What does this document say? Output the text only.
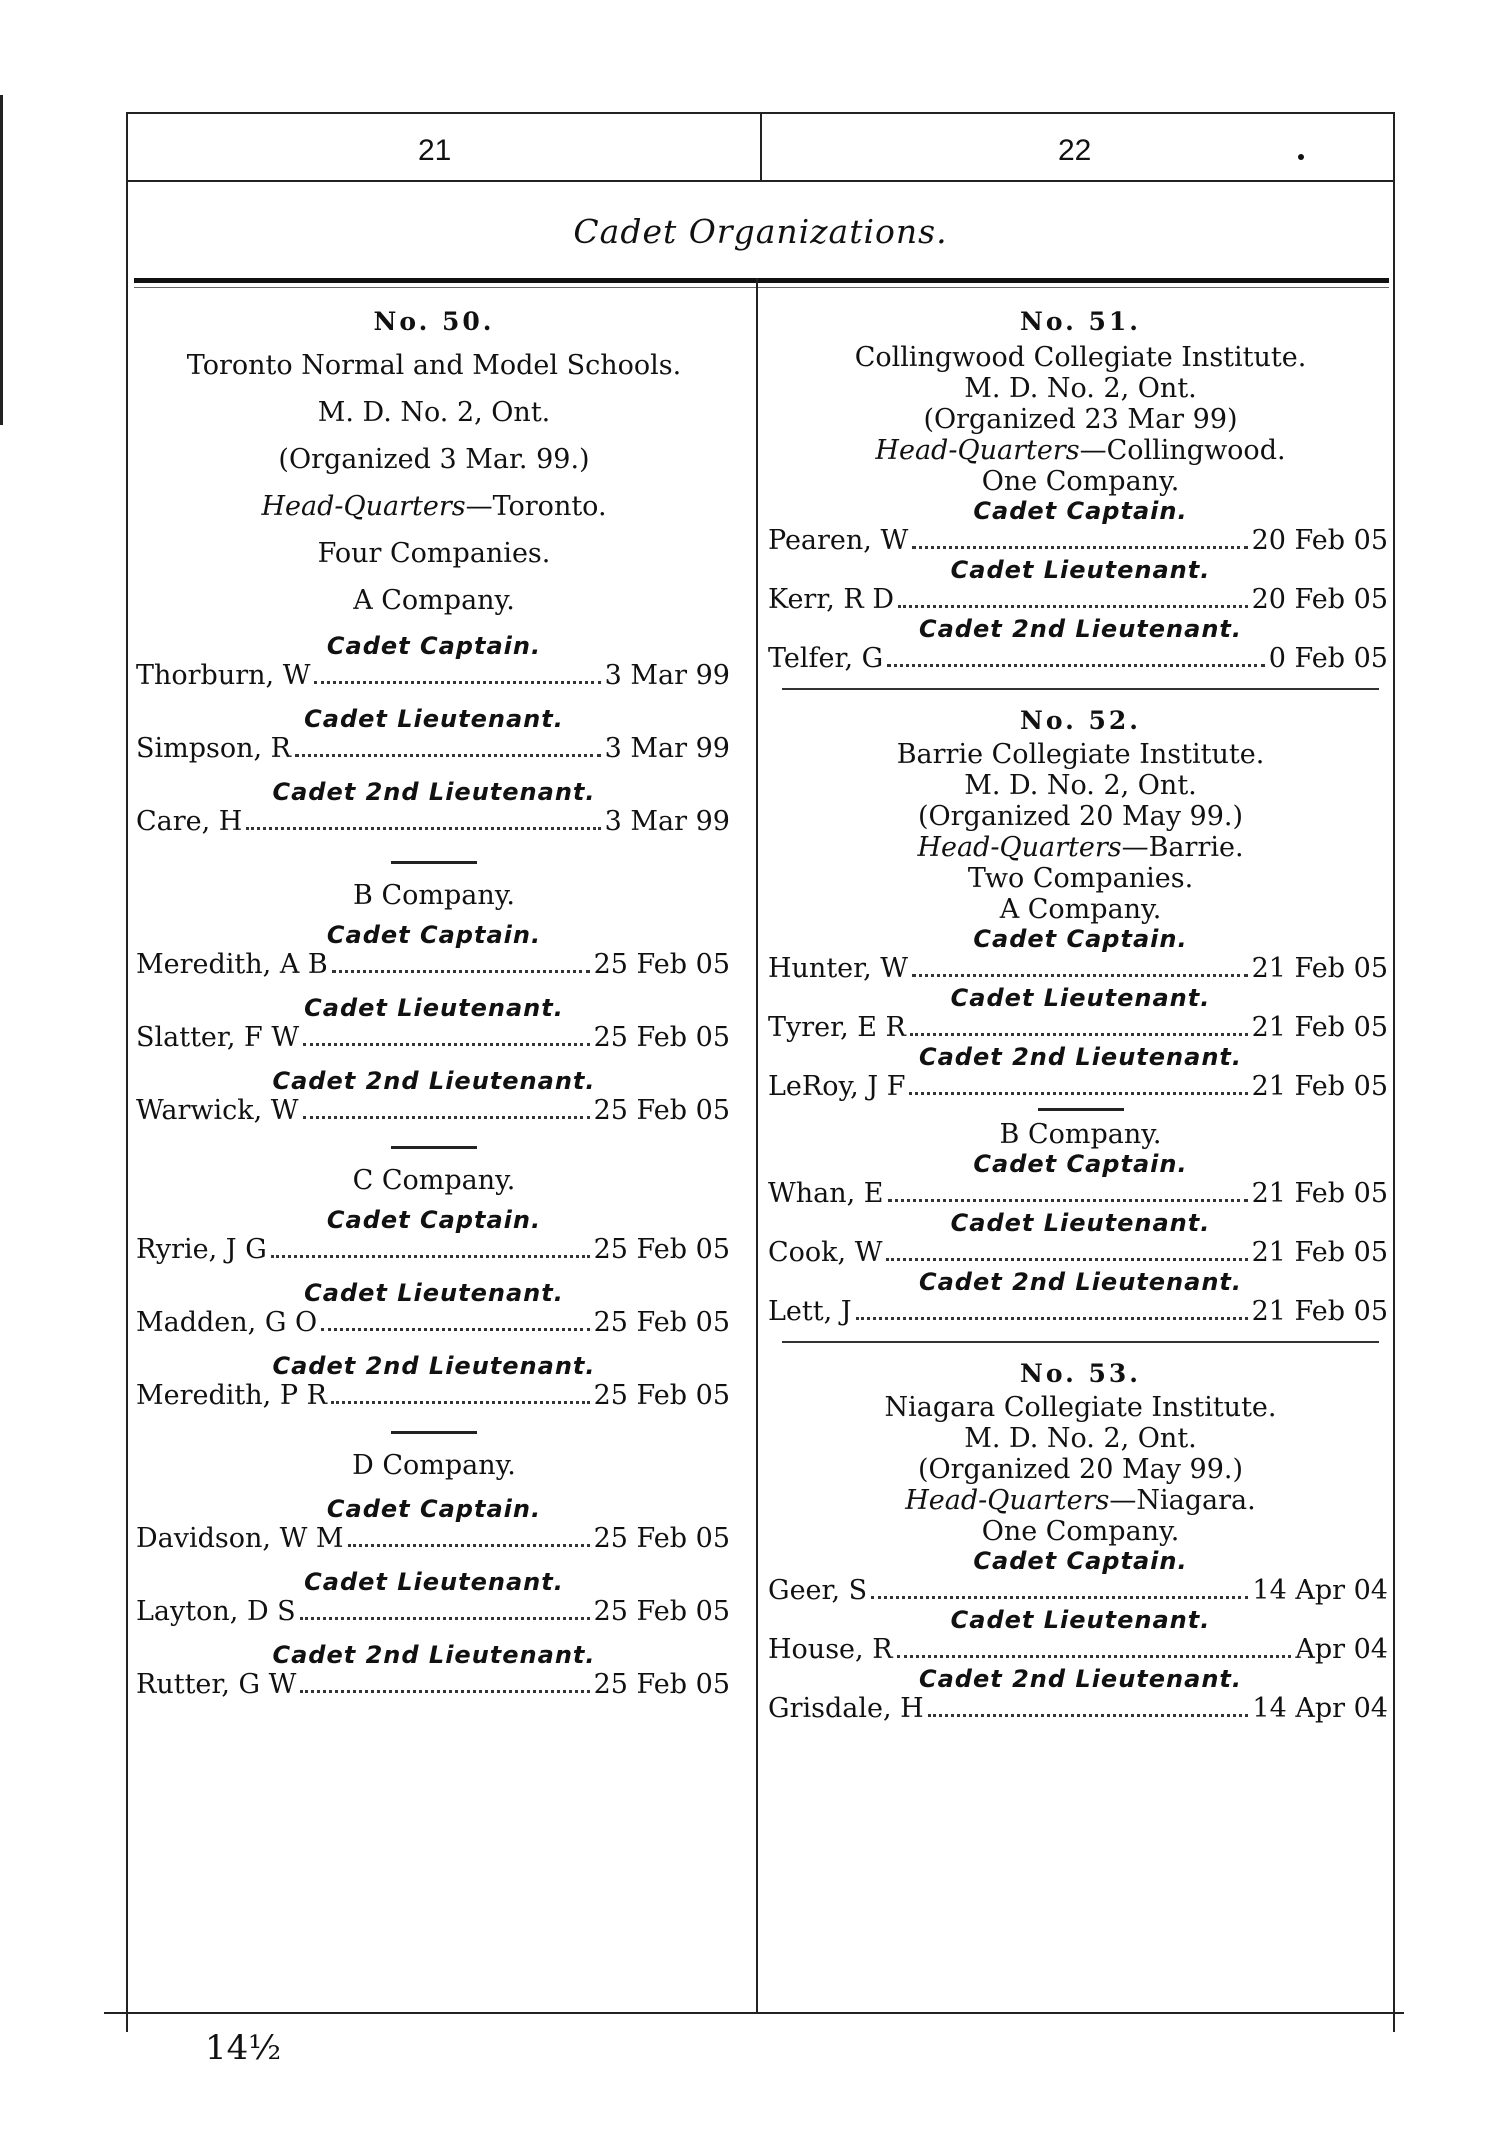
21	22
Cadet Organizations.
No. 50.
Toronto Normal and Model Schools.
M. D. No. 2, Ont.
(Organized 3 Mar. 99.)
Head-Quarters—Toronto.
Four Companies.
A Company.
Cadet Captain.
Thorburn, W	3 Mar 99
Cadet Lieutenant.
Simpson, R	3 Mar 99
Cadet 2nd Lieutenant.
Care, H	3 Mar 99
B Company.
Cadet Captain.
Meredith, A B	25 Feb 05
Cadet Lieutenant.
Slatter, F W	25 Feb 05
Cadet 2nd Lieutenant.
Warwick, W	25 Feb 05
C Company.
Cadet Captain.
Ryrie, J G	25 Feb 05
Cadet Lieutenant.
Madden, G O	25 Feb 05
Cadet 2nd Lieutenant.
Meredith, P R	25 Feb 05
D Company.
Cadet Captain.
Davidson, W M	25 Feb 05
Cadet Lieutenant.
Layton, D S	25 Feb 05
Cadet 2nd Lieutenant.
Rutter, G W	25 Feb 05
No. 51.
Collingwood Collegiate Institute.
M. D. No. 2, Ont.
(Organized 23 Mar 99)
Head-Quarters—Collingwood.
One Company.
Cadet Captain.
Pearen, W	20 Feb 05
Cadet Lieutenant.
Kerr, R D	20 Feb 05
Cadet 2nd Lieutenant.
Telfer, G	0 Feb 05
No. 52.
Barrie Collegiate Institute.
M. D. No. 2, Ont.
(Organized 20 May 99.)
Head-Quarters—Barrie.
Two Companies.
A Company.
Cadet Captain.
Hunter, W	21 Feb 05
Cadet Lieutenant.
Tyrer, E R	21 Feb 05
Cadet 2nd Lieutenant.
LeRoy, J F	21 Feb 05
B Company.
Cadet Captain.
Whan, E	21 Feb 05
Cadet Lieutenant.
Cook, W	21 Feb 05
Cadet 2nd Lieutenant.
Lett, J	21 Feb 05
No. 53.
Niagara Collegiate Institute.
M. D. No. 2, Ont.
(Organized 20 May 99.)
Head-Quarters—Niagara.
One Company.
Cadet Captain.
Geer, S	14 Apr 04
Cadet Lieutenant.
House, R	Apr 04
Cadet 2nd Lieutenant.
Grisdale, H	14 Apr 04
14½
